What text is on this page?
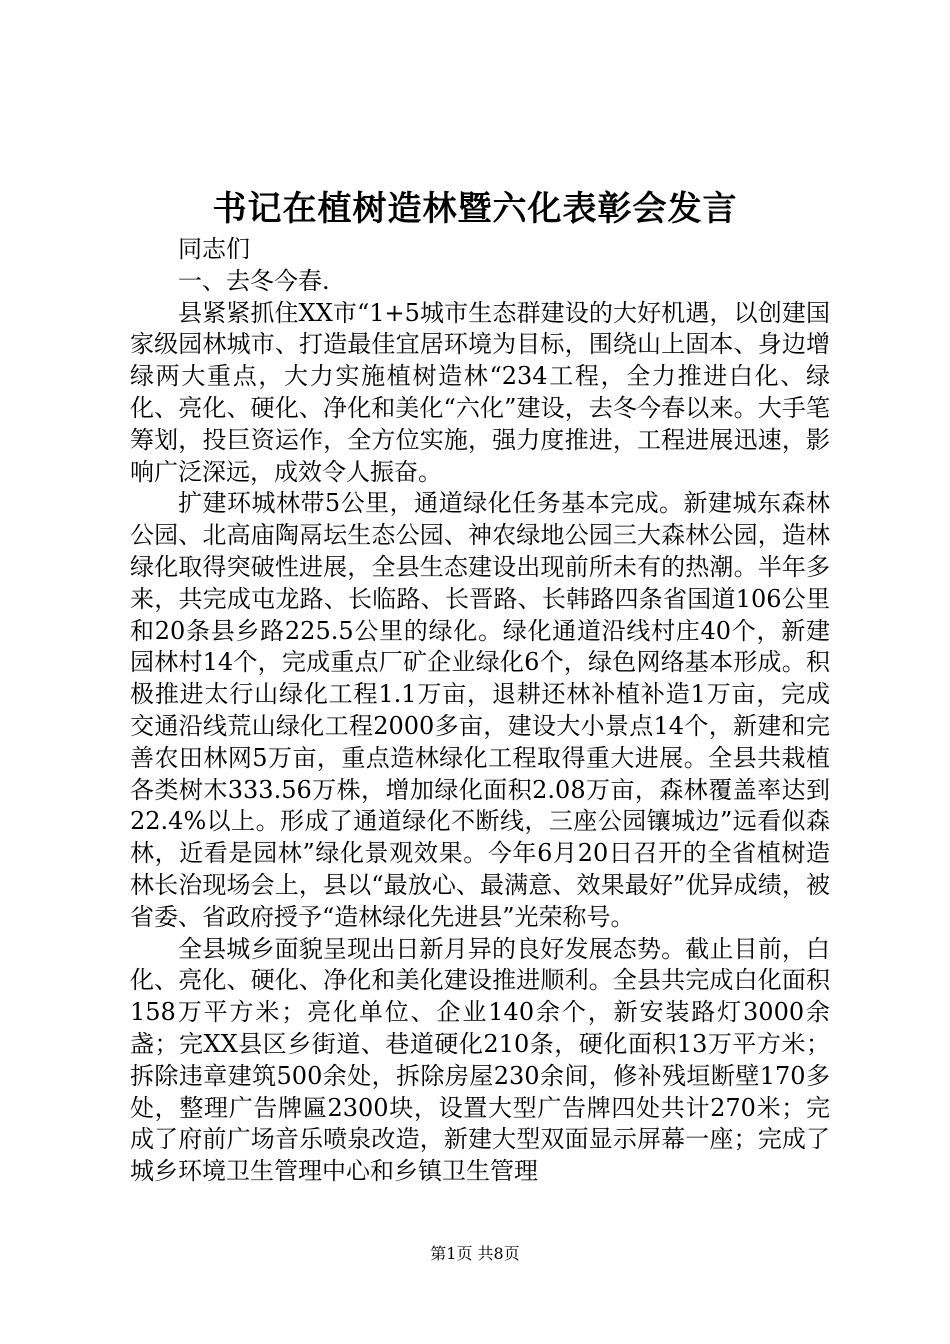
书记在植树造林暨六化表彰会发言

同志们

一、去冬今春.

县紧紧抓住XX市“1+5城市生态群建设的大好机遇，以创建国家级园林城市、打造最佳宜居环境为目标，围绕山上固本、身边增绿两大重点，大力实施植树造林“234工程，全力推进白化、绿化、亮化、硬化、净化和美化“六化”建设，去冬今春以来。大手笔筹划，投巨资运作，全方位实施，强力度推进，工程进展迅速，影响广泛深远，成效令人振奋。

扩建环城林带5公里，通道绿化任务基本完成。新建城东森林公园、北高庙陶鬲坛生态公园、神农绿地公园三大森林公园，造林绿化取得突破性进展，全县生态建设出现前所未有的热潮。半年多来，共完成屯龙路、长临路、长晋路、长韩路四条省国道106公里和20条县乡路225.5公里的绿化。绿化通道沿线村庄40个，新建园林村14个，完成重点厂矿企业绿化6个，绿色网络基本形成。积极推进太行山绿化工程1.1万亩，退耕还林补植补造1万亩，完成交通沿线荒山绿化工程2000多亩，建设大小景点14个，新建和完善农田林网5万亩，重点造林绿化工程取得重大进展。全县共栽植各类树木333.56万株，增加绿化面积2.08万亩，森林覆盖率达到22.4%以上。形成了通道绿化不断线，三座公园镶城边”远看似森林，近看是园林”绿化景观效果。今年6月20日召开的全省植树造林长治现场会上，县以“最放心、最满意、效果最好”优异成绩，被省委、省政府授予“造林绿化先进县”光荣称号。

全县城乡面貌呈现出日新月异的良好发展态势。截止目前，白化、亮化、硬化、净化和美化建设推进顺利。全县共完成白化面积158万平方米；亮化单位、企业140余个，新安装路灯3000余盏；完XX县区乡街道、巷道硬化210条，硬化面积13万平方米；拆除违章建筑500余处，拆除房屋230余间，修补残垣断壁170多处，整理广告牌匾2300块，设置大型广告牌四处共计270米；完成了府前广场音乐喷泉改造，新建大型双面显示屏幕一座；完成了城乡环境卫生管理中心和乡镇卫生管理

第1页 共8页
